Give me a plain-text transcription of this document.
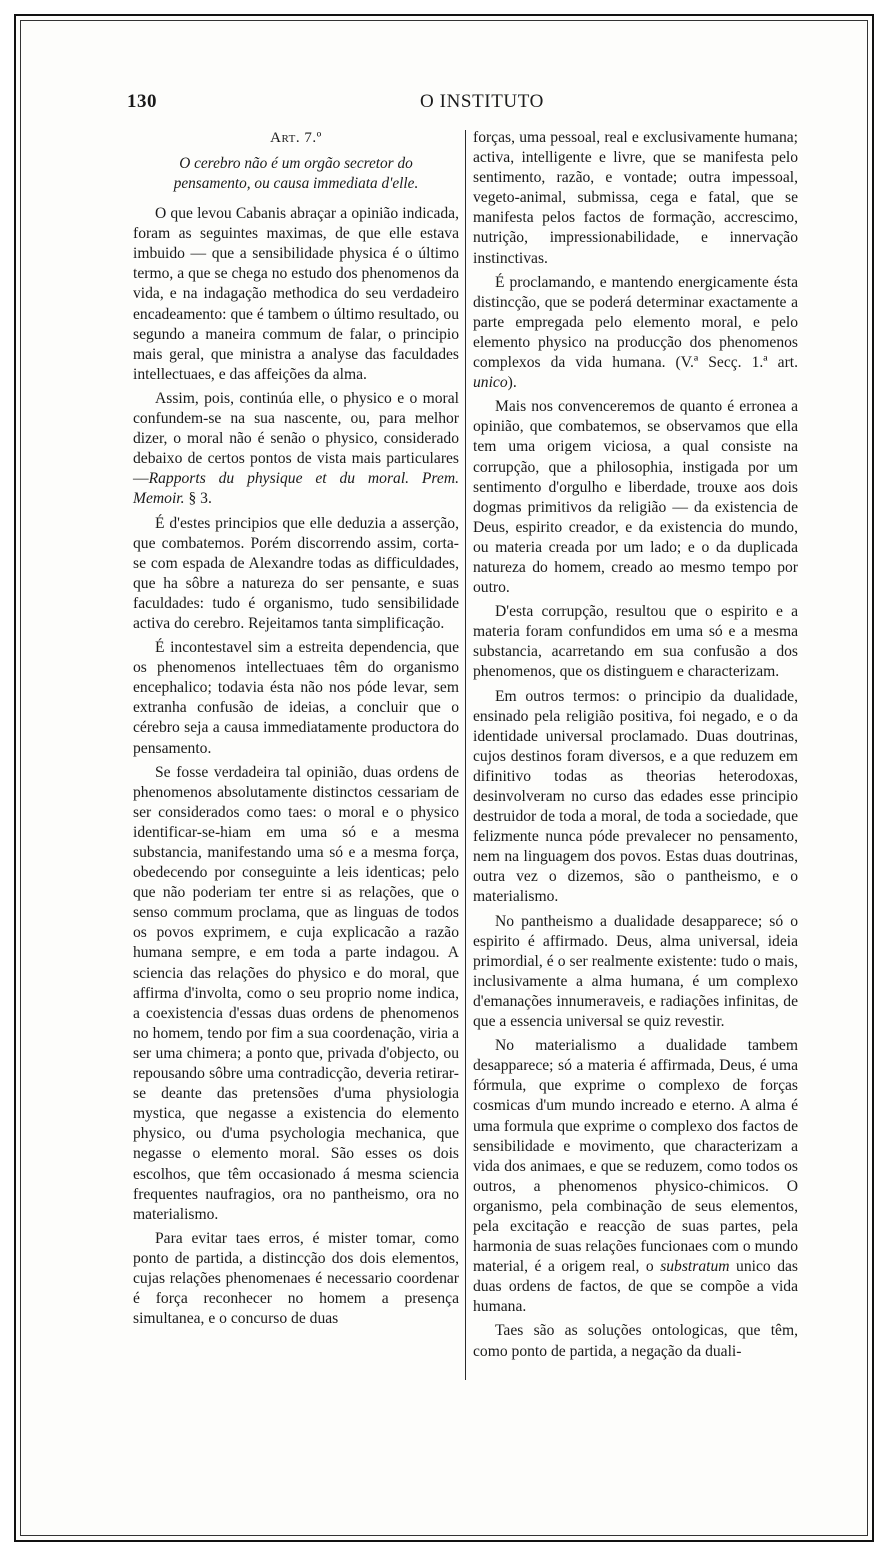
130	O INSTITUTO
Art. 7.º
O cerebro não é um orgão secretor do pensamento, ou causa immediata d'elle.

O que levou Cabanis abraçar a opinião indicada, foram as seguintes maximas, de que elle estava imbuido — que a sensibilidade physica é o último termo, a que se chega no estudo dos phenomenos da vida, e na indagação methodica do seu verdadeiro encadeamento: que é tambem o último resultado, ou segundo a maneira commum de falar, o principio mais geral, que ministra a analyse das faculdades intellectuaes, e das affeições da alma.

Assim, pois, continúa elle, o physico e o moral confundem-se na sua nascente, ou, para melhor dizer, o moral não é senão o physico, considerado debaixo de certos pontos de vista mais particulares —Rapports du physique et du moral. Prem. Memoir. § 3.

É d'estes principios que elle deduzia a asserção, que combatemos. Porém discorrendo assim, corta-se com espada de Alexandre todas as difficuldades, que ha sôbre a natureza do ser pensante, e suas faculdades: tudo é organismo, tudo sensibilidade activa do cerebro. Rejeitamos tanta simplificação.

É incontestavel sim a estreita dependencia, que os phenomenos intellectuaes têm do organismo encephalico; todavia ésta não nos póde levar, sem extranha confusão de ideias, a concluir que o cérebro seja a causa immediatamente productora do pensamento.

Se fosse verdadeira tal opinião, duas ordens de phenomenos absolutamente distinctos cessariam de ser considerados como taes: o moral e o physico identificar-se-hiam em uma só e a mesma substancia, manifestando uma só e a mesma força, obedecendo por conseguinte a leis identicas; pelo que não poderiam ter entre si as relações, que o senso commum proclama, que as linguas de todos os povos exprimem, e cuja explicacão a razão humana sempre, e em toda a parte indagou. A sciencia das relações do physico e do moral, que affirma d'involta, como o seu proprio nome indica, a coexistencia d'essas duas ordens de phenomenos no homem, tendo por fim a sua coordenação, viria a ser uma chimera; a ponto que, privada d'objecto, ou repousando sôbre uma contradicção, deveria retirar-se deante das pretensões d'uma physiologia mystica, que negasse a existencia do elemento physico, ou d'uma psychologia mechanica, que negasse o elemento moral. São esses os dois escolhos, que têm occasionado á mesma sciencia frequentes naufragios, ora no pantheismo, ora no materialismo.

Para evitar taes erros, é mister tomar, como ponto de partida, a distincção dos dois elementos, cujas relações phenomenaes é necessario coordenar é força reconhecer no homem a presença simultanea, e o concurso de duas

forças, uma pessoal, real e exclusivamente humana; activa, intelligente e livre, que se manifesta pelo sentimento, razão, e vontade; outra impessoal, vegeto-animal, submissa, cega e fatal, que se manifesta pelos factos de formação, accrescimo, nutrição, impressionabilidade, e innervação instinctivas.

É proclamando, e mantendo energicamente ésta distincção, que se poderá determinar exactamente a parte empregada pelo elemento moral, e pelo elemento physico na producção dos phenomenos complexos da vida humana. (V.ª Secç. 1.ª art. unico).

Mais nos convenceremos de quanto é erronea a opinião, que combatemos, se observamos que ella tem uma origem viciosa, a qual consiste na corrupção, que a philosophia, instigada por um sentimento d'orgulho e liberdade, trouxe aos dois dogmas primitivos da religião — da existencia de Deus, espirito creador, e da existencia do mundo, ou materia creada por um lado; e o da duplicada natureza do homem, creado ao mesmo tempo por outro.

D'esta corrupção, resultou que o espirito e a materia foram confundidos em uma só e a mesma substancia, acarretando em sua confusão a dos phenomenos, que os distinguem e characterizam.

Em outros termos: o principio da dualidade, ensinado pela religião positiva, foi negado, e o da identidade universal proclamado. Duas doutrinas, cujos destinos foram diversos, e a que reduzem em difinitivo todas as theorias heterodoxas, desinvolveram no curso das edades esse principio destruidor de toda a moral, de toda a sociedade, que felizmente nunca póde prevalecer no pensamento, nem na linguagem dos povos. Estas duas doutrinas, outra vez o dizemos, são o pantheismo, e o materialismo.

No pantheismo a dualidade desapparece; só o espirito é affirmado. Deus, alma universal, ideia primordial, é o ser realmente existente: tudo o mais, inclusivamente a alma humana, é um complexo d'emanações innumeraveis, e radiações infinitas, de que a essencia universal se quiz revestir.

No materialismo a dualidade tambem desapparece; só a materia é affirmada, Deus, é uma fórmula, que exprime o complexo de forças cosmicas d'um mundo increado e eterno. A alma é uma formula que exprime o complexo dos factos de sensibilidade e movimento, que characterizam a vida dos animaes, e que se reduzem, como todos os outros, a phenomenos physico-chimicos. O organismo, pela combinação de seus elementos, pela excitação e reacção de suas partes, pela harmonia de suas relações funcionaes com o mundo material, é a origem real, o substratum unico das duas ordens de factos, de que se compõe a vida humana.

Taes são as soluções ontologicas, que têm, como ponto de partida, a negação da duali-
